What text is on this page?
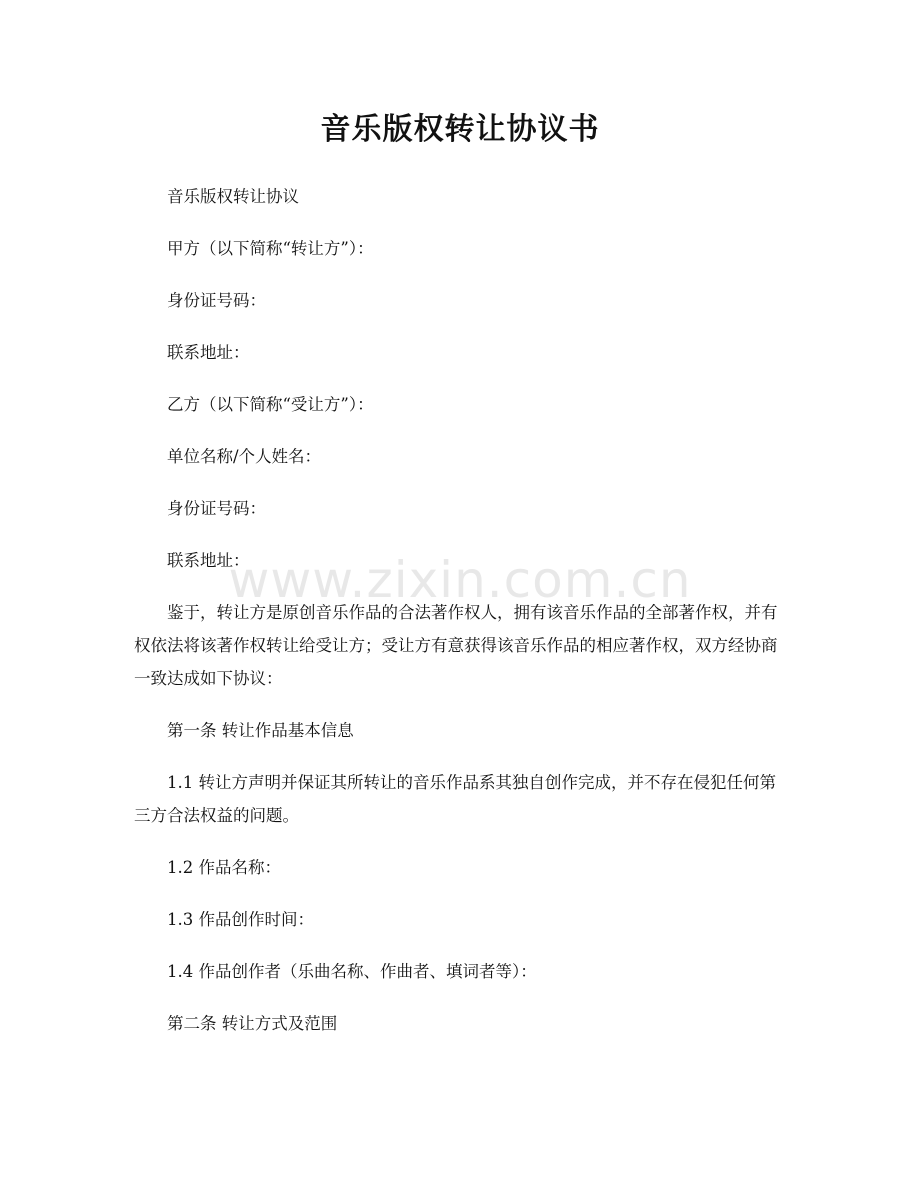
音乐版权转让协议书

音乐版权转让协议

甲方（以下简称“转让方”）：

身份证号码：

联系地址：

乙方（以下简称“受让方”）：

单位名称/个人姓名：

身份证号码：

联系地址：

鉴于，转让方是原创音乐作品的合法著作权人，拥有该音乐作品的全部著作权，并有权依法将该著作权转让给受让方；受让方有意获得该音乐作品的相应著作权，双方经协商一致达成如下协议：

第一条 转让作品基本信息

1.1 转让方声明并保证其所转让的音乐作品系其独自创作完成，并不存在侵犯任何第三方合法权益的问题。

1.2 作品名称：

1.3 作品创作时间：

1.4 作品创作者（乐曲名称、作曲者、填词者等）：

第二条 转让方式及范围

www.zixin.com.cn
